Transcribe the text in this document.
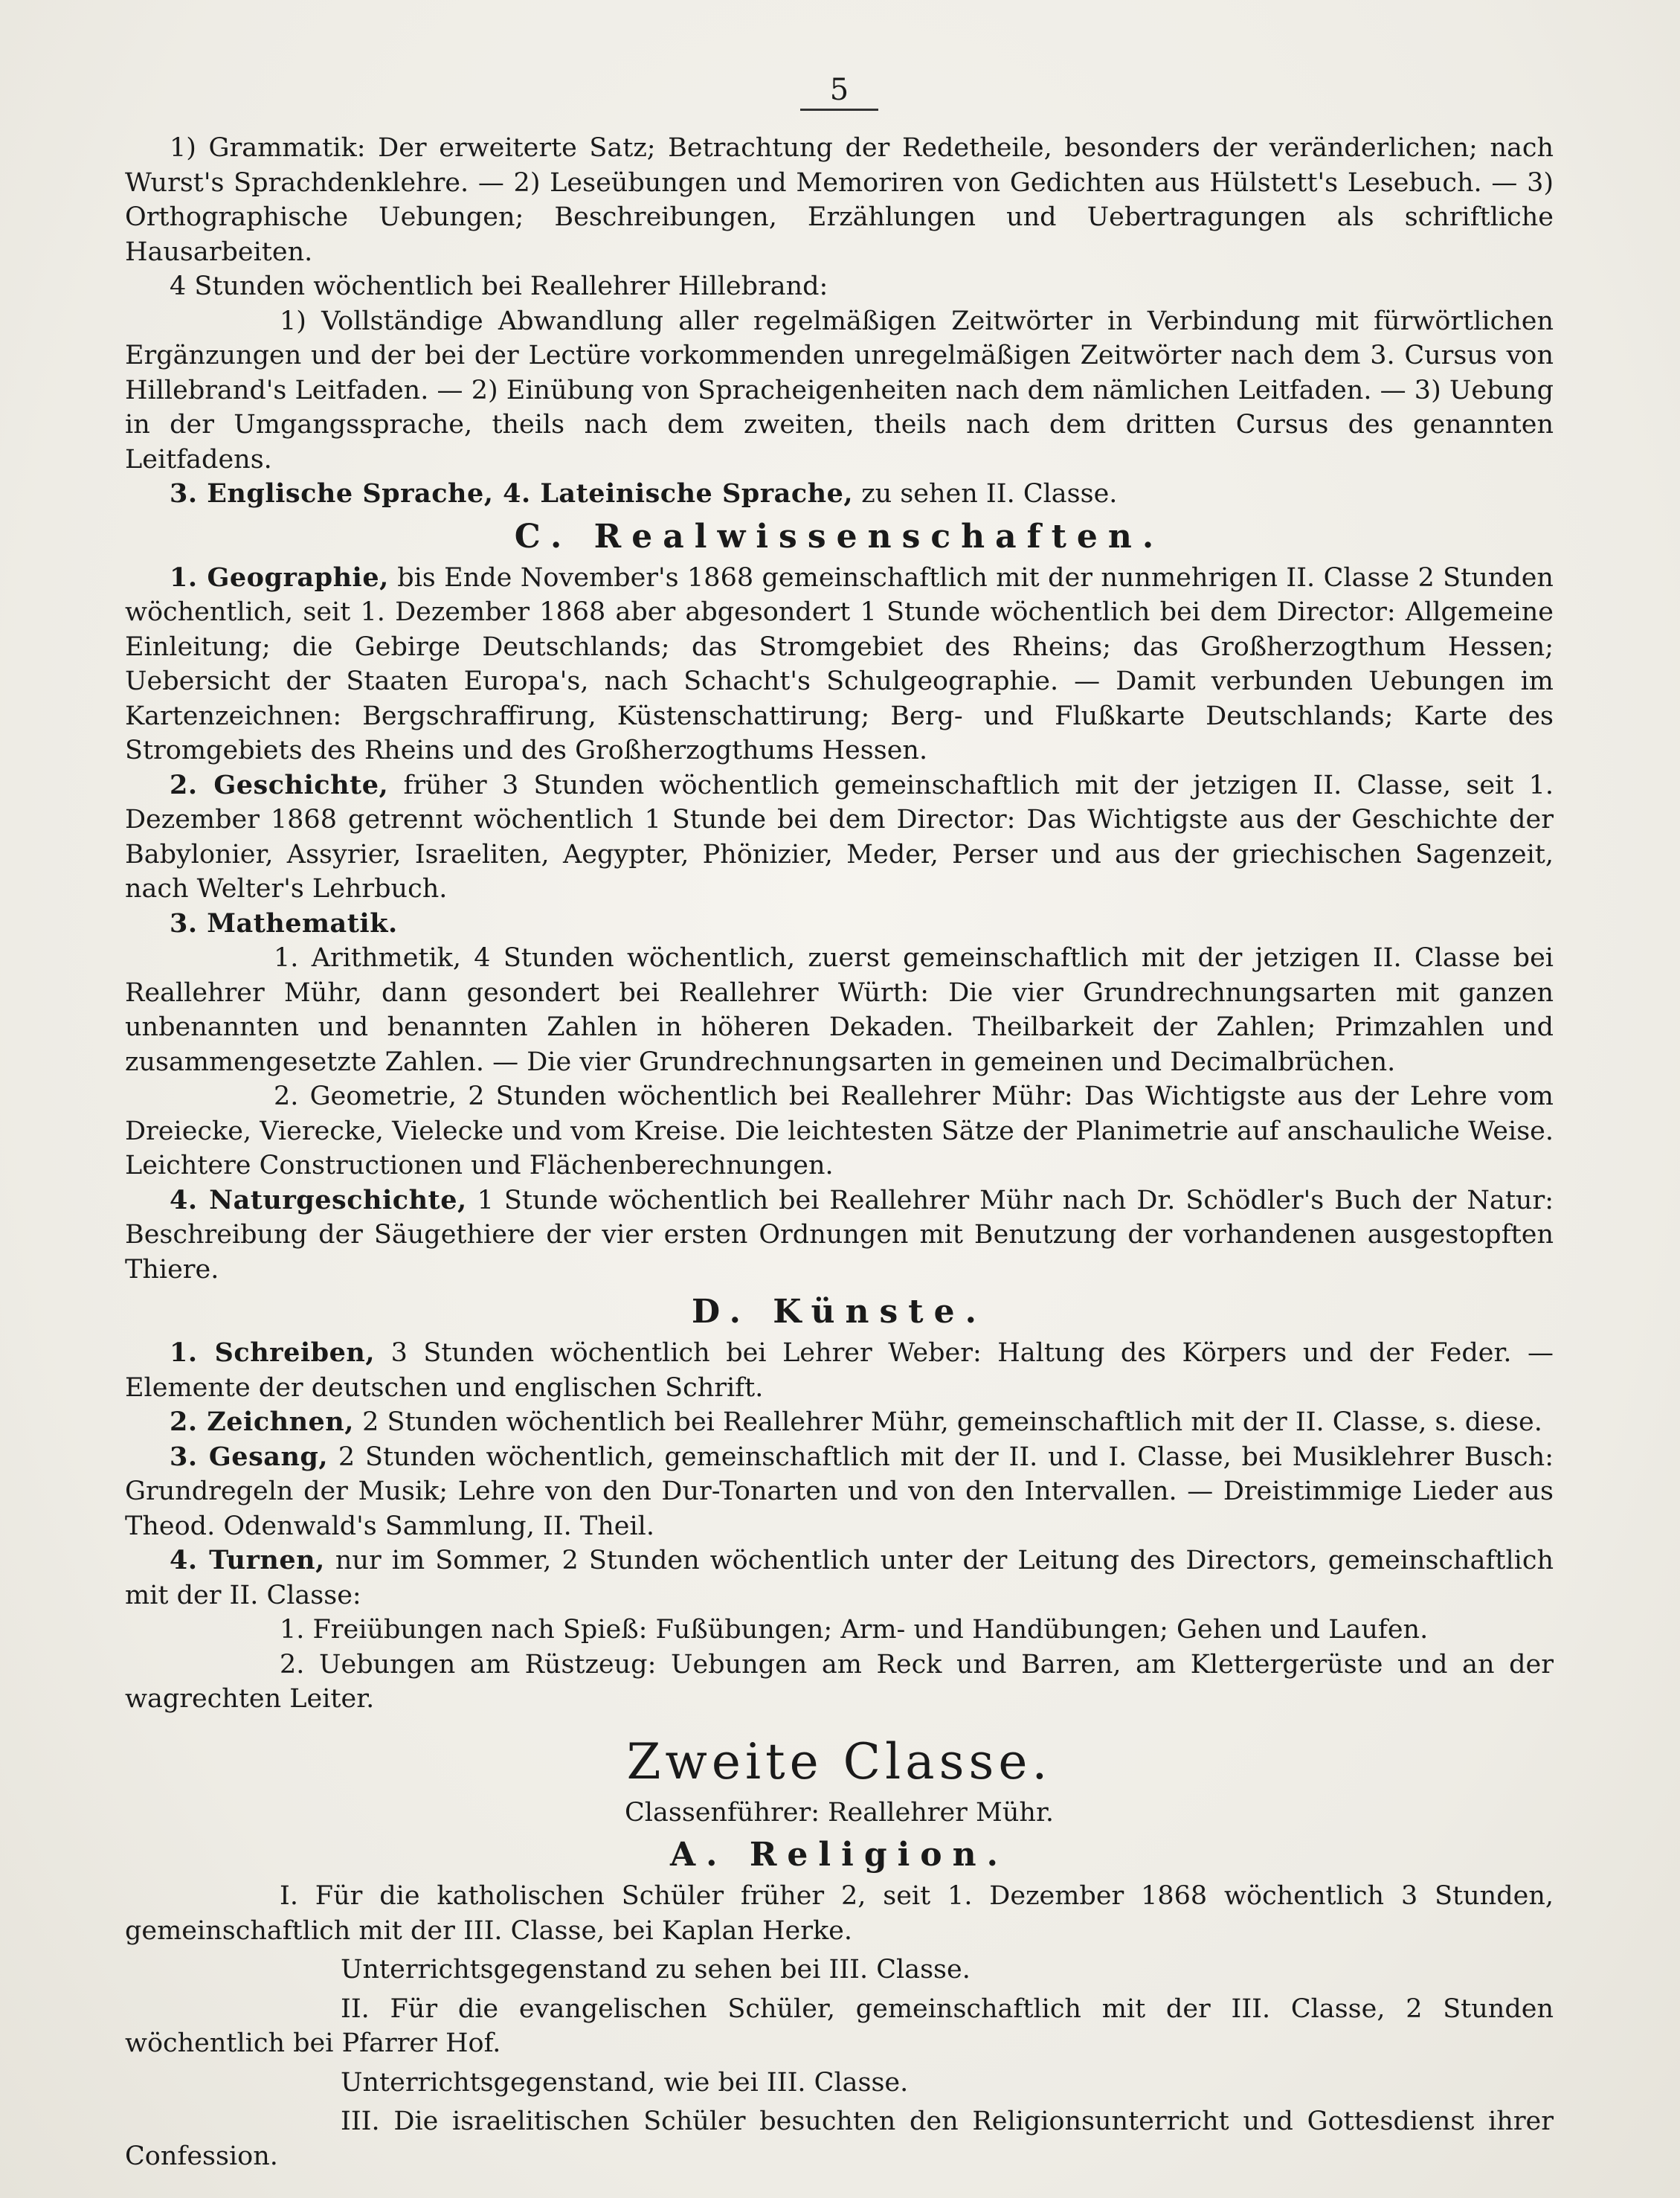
5

1) Grammatik: Der erweiterte Satz; Betrachtung der Redetheile, besonders der veränderlichen; nach Wurst's Sprachdenklehre. — 2) Leseübungen und Memoriren von Gedichten aus Hülstett's Lesebuch. — 3) Orthographische Uebungen; Beschreibungen, Erzählungen und Uebertragungen als schriftliche Hausarbeiten.

4 Stunden wöchentlich bei Reallehrer Hillebrand:

1) Vollständige Abwandlung aller regelmäßigen Zeitwörter in Verbindung mit fürwörtlichen Ergänzungen und der bei der Lectüre vorkommenden unregelmäßigen Zeitwörter nach dem 3. Cursus von Hillebrand's Leitfaden. — 2) Einübung von Spracheigenheiten nach dem nämlichen Leitfaden. — 3) Uebung in der Umgangssprache, theils nach dem zweiten, theils nach dem dritten Cursus des genannten Leitfadens.

3. Englische Sprache, 4. Lateinische Sprache, zu sehen II. Classe.

C. Realwissenschaften.

1. Geographie, bis Ende November's 1868 gemeinschaftlich mit der nunmehrigen II. Classe 2 Stunden wöchentlich, seit 1. Dezember 1868 aber abgesondert 1 Stunde wöchentlich bei dem Director: Allgemeine Einleitung; die Gebirge Deutschlands; das Stromgebiet des Rheins; das Großherzogthum Hessen; Uebersicht der Staaten Europa's, nach Schacht's Schulgeographie. — Damit verbunden Uebungen im Kartenzeichnen: Bergschraffirung, Küstenschattirung; Berg- und Flußkarte Deutschlands; Karte des Stromgebiets des Rheins und des Großherzogthums Hessen.

2. Geschichte, früher 3 Stunden wöchentlich gemeinschaftlich mit der jetzigen II. Classe, seit 1. Dezember 1868 getrennt wöchentlich 1 Stunde bei dem Director: Das Wichtigste aus der Geschichte der Babylonier, Assyrier, Israeliten, Aegypter, Phönizier, Meder, Perser und aus der griechischen Sagenzeit, nach Welter's Lehrbuch.

3. Mathematik.

1. Arithmetik, 4 Stunden wöchentlich, zuerst gemeinschaftlich mit der jetzigen II. Classe bei Reallehrer Mühr, dann gesondert bei Reallehrer Würth: Die vier Grundrechnungsarten mit ganzen unbenannten und benannten Zahlen in höheren Dekaden. Theilbarkeit der Zahlen; Primzahlen und zusammengesetzte Zahlen. — Die vier Grundrechnungsarten in gemeinen und Decimalbrüchen.

2. Geometrie, 2 Stunden wöchentlich bei Reallehrer Mühr: Das Wichtigste aus der Lehre vom Dreiecke, Vierecke, Vielecke und vom Kreise. Die leichtesten Sätze der Planimetrie auf anschauliche Weise. Leichtere Constructionen und Flächenberechnungen.

4. Naturgeschichte, 1 Stunde wöchentlich bei Reallehrer Mühr nach Dr. Schödler's Buch der Natur: Beschreibung der Säugethiere der vier ersten Ordnungen mit Benutzung der vorhandenen ausgestopften Thiere.

D. Künste.

1. Schreiben, 3 Stunden wöchentlich bei Lehrer Weber: Haltung des Körpers und der Feder. — Elemente der deutschen und englischen Schrift.

2. Zeichnen, 2 Stunden wöchentlich bei Reallehrer Mühr, gemeinschaftlich mit der II. Classe, s. diese.

3. Gesang, 2 Stunden wöchentlich, gemeinschaftlich mit der II. und I. Classe, bei Musiklehrer Busch: Grundregeln der Musik; Lehre von den Dur-Tonarten und von den Intervallen. — Dreistimmige Lieder aus Theod. Odenwald's Sammlung, II. Theil.

4. Turnen, nur im Sommer, 2 Stunden wöchentlich unter der Leitung des Directors, gemeinschaftlich mit der II. Classe:

1. Freiübungen nach Spieß: Fußübungen; Arm- und Handübungen; Gehen und Laufen.

2. Uebungen am Rüstzeug: Uebungen am Reck und Barren, am Klettergerüste und an der wagrechten Leiter.

Zweite Classe.

Classenführer: Reallehrer Mühr.

A. Religion.

I. Für die katholischen Schüler früher 2, seit 1. Dezember 1868 wöchentlich 3 Stunden, gemeinschaftlich mit der III. Classe, bei Kaplan Herke.

Unterrichtsgegenstand zu sehen bei III. Classe.

II. Für die evangelischen Schüler, gemeinschaftlich mit der III. Classe, 2 Stunden wöchentlich bei Pfarrer Hof.

Unterrichtsgegenstand, wie bei III. Classe.

III. Die israelitischen Schüler besuchten den Religionsunterricht und Gottesdienst ihrer Confession.
